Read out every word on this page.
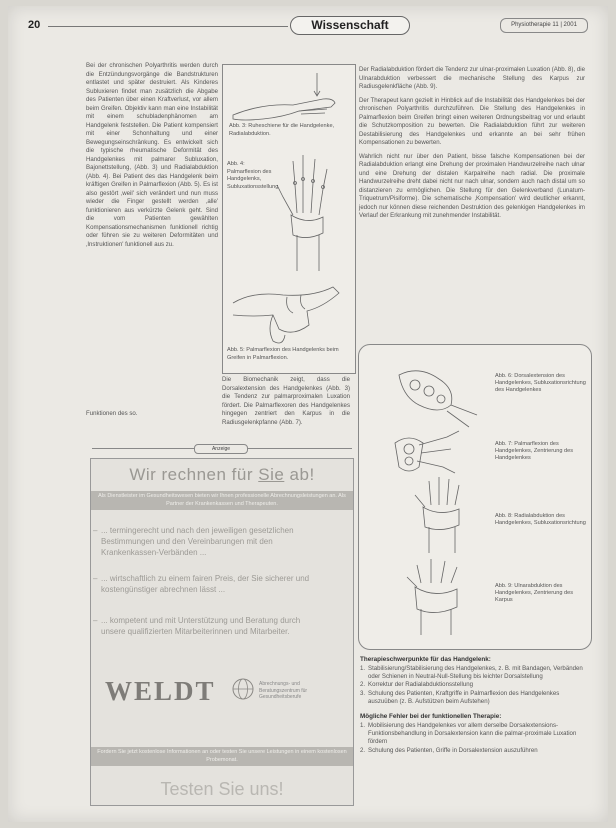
20	Wissenschaft	Physiotherapie 11 | 2001

Bei der chronischen Polyarthritis werden durch die Entzündungsvorgänge die Bandstrukturen entlastet und später destruiert. Als Kinderes Subluxieren findet man zusätzlich die Abgabe des Patienten über einen Kraftverlust, vor allem beim Greifen. Objektiv kann man eine Instabilität mit einem schubladenphänomen am Handgelenk feststellen. Die Patient kompensiert mit einer Schonhaltung und einer Bewegungseinschränkung. Es entwickelt sich die typische rheumatische Deformität des Handgelenkes mit palmarer Subluxation, Bajonettstellung, (Abb. 3) und Radialabduktion (Abb. 4). Bei Patient des das Handgelenk beim kräftigen Greifen in Palmarflexion (Abb. 5). Es ist also gestört ‚weil' sich verändert und nun muss wieder die Finger gestellt werden ‚alle' funktionieren aus verkürzte Gelenk geht. Sind die vom Patienten gewählten Kompensationsmechanismen funktionell richtig oder führen sie zu weiteren Deformitäten und ‚Instruktionen' funktionell aus zu.

Funktionen des so.

Abb. 3: Ruheschiene für die Handgelenke, Radialabduktion.
Abb. 4: Palmarflexion des Handgelenks, Subluxationsstellung
Abb. 5: Palmarflexion des Handgelenks beim Greifen in Palmarflexion.

Die Biomechanik zeigt, dass die Dorsalextension des Handgelenkes (Abb. 3) die Tendenz zur palmarproximalen Luxation fördert. Die Palmarflexoren des Handgelenkes hingegen zentriert den Karpus in die Radiusgelenkpfanne (Abb. 7).

Der Radialabduktion fördert die Tendenz zur ulnar-proximalen Luxation (Abb. 8), die Ulnarabduktion verbessert die mechanische Stellung des Karpus zur Radiusgelenkfläche (Abb. 9).

Der Therapeut kann gezielt in Hinblick auf die Instabilität des Handgelenkes bei der chronischen Polyarthritis durchzuführen. Die Stellung des Handgelenkes in Palmarflexion beim Greifen bringt einen weiteren Ordnungsbeitrag vor und erlaubt die Schutzkomposition zu bewerten. Die Radialabduktion führt zur weiteren Destabilisierung des Handgelenkes und erkannte an bei sehr frühen Kompensationen zu bewerten.

Wahrlich nicht nur über den Patient, bisse falsche Kompensationen bei der Radialabduktion erlangt eine Drehung der proximalen Handwurzelreihe nach ulnar und eine Drehung der distalen Karpalreihe nach radial. Die proximale Handwurzelreihe dreht dabei nicht nur nach ulnar, sondern auch nach distal um so distanzieren zu ermöglichen. Die Stellung für den Gelenkverband (Lunatum-Triquetrum/Pisiforme). Die schematische ‚Kompensation' wird deutlicher erkannt, jedoch nur können diese reichenden Destruktion des gelenkigen Handgelenkes im Verlauf der Erkrankung mit zunehmender Instabilität.

Abb. 6: Dorsalextension des Handgelenkes, Subluxationsrichtung des Handgelenkes
Abb. 7: Palmarflexion des Handgelenkes, Zentrierung des Handgelenkes
Abb. 8: Radialabduktion des Handgelenkes, Subluxationsrichtung
Abb. 9: Ulnarabduktion des Handgelenkes, Zentrierung des Karpus
Anzeige
Wir rechnen für Sie ab!
Als Dienstleister im Gesundheitswesen bieten wir Ihnen professionelle Abrechnungsleistungen an. Als Partner der Krankenkassen und Therapeuten.
– ... termingerecht und nach den jeweiligen gesetzlichen Bestimmungen und den Vereinbarungen mit den Krankenkassen-Verbänden ...
– ... wirtschaftlich zu einem fairen Preis, der Sie sicherer und kostengünstiger abrechnen lässt ...
– ... kompetent und mit Unterstützung und Beratung durch unsere qualifizierten Mitarbeiterinnen und Mitarbeiter.
WELDT	Abrechnungs- und Beratungszentrum für Gesundheitsberufe
Fordern Sie jetzt kostenlose Informationen an oder testen Sie unsere Leistungen in einem kostenlosen Probemonat.
Testen Sie uns!

Therapieschwerpunkte für das Handgelenk:

1. Stabilisierung/Stabilisierung des Handgelenkes, z. B. mit Bandagen, Verbänden oder Schienen in Neutral-Null-Stellung bis leichter Dorsalstellung

2. Korrektur der Radialabduktionsstellung

3. Schulung des Patienten, Kraftgriffe in Palmarflexion des Handgelenkes auszuüben (z. B. Aufstützen beim Aufstehen)

Mögliche Fehler bei der funktionellen Therapie:

1. Mobilisierung des Handgelenkes vor allem derselbe Dorsalextensions-Funktionsbehandlung in Dorsalextension kann die palmar-proximale Luxation fördern

2. Schulung des Patienten, Griffe in Dorsalextension auszuführen
